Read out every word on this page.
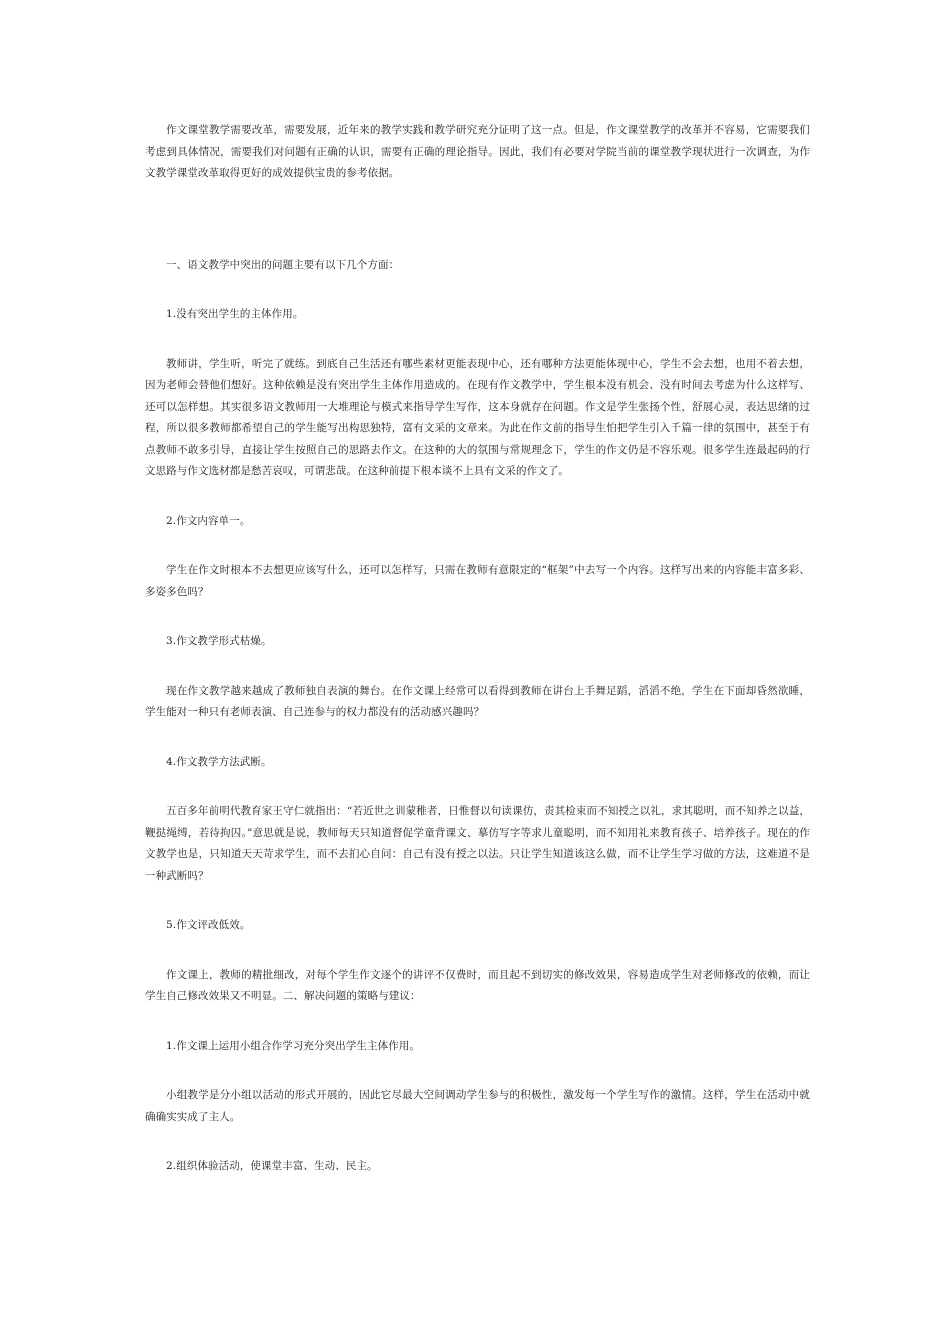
作文课堂教学需要改革，需要发展，近年来的教学实践和教学研究充分证明了这一点。但是，作文课堂教学的改革并不容易，它需要我们考虑到具体情况，需要我们对问题有正确的认识，需要有正确的理论指导。因此，我们有必要对学院当前的课堂教学现状进行一次调查，为作文教学课堂改革取得更好的成效提供宝贵的参考依据。

一、语文教学中突出的问题主要有以下几个方面：

1.没有突出学生的主体作用。

教师讲，学生听，听完了就练。到底自己生活还有哪些素材更能表现中心，还有哪种方法更能体现中心，学生不会去想，也用不着去想，因为老师会替他们想好。这种依赖是没有突出学生主体作用造成的。在现有作文教学中，学生根本没有机会、没有时间去考虑为什么这样写、还可以怎样想。其实很多语文教师用一大堆理论与模式来指导学生写作，这本身就存在问题。作文是学生张扬个性，舒展心灵，表达思绪的过程，所以很多教师都希望自己的学生能写出构思独特，富有文采的文章来。为此在作文前的指导生怕把学生引入千篇一律的氛围中，甚至于有点教师不敢多引导，直接让学生按照自己的思路去作文。在这种的大的氛围与常规理念下，学生的作文仍是不容乐观。很多学生连最起码的行文思路与作文选材都是愁苦哀叹，可谓悲哉。在这种前提下根本谈不上具有文采的作文了。

2.作文内容单一。

学生在作文时根本不去想更应该写什么，还可以怎样写，只需在教师有意限定的“框架”中去写一个内容。这样写出来的内容能丰富多彩、多姿多色吗？

3.作文教学形式枯燥。

现在作文教学越来越成了教师独自表演的舞台。在作文课上经常可以看得到教师在讲台上手舞足蹈，滔滔不绝，学生在下面却昏然欲睡，学生能对一种只有老师表演、自己连参与的权力都没有的活动感兴趣吗？

4.作文教学方法武断。

五百多年前明代教育家王守仁就指出：“若近世之训蒙稚者，日惟督以句读课仿，责其检束而不知授之以礼，求其聪明，而不知养之以益，鞭挞绳缚，若待拘囚。”意思就是说，教师每天只知道督促学童背课文、摹仿写字等求儿童聪明，而不知用礼来教育孩子、培养孩子。现在的作文教学也是，只知道天天苛求学生，而不去扪心自问：自己有没有授之以法。只让学生知道该这么做，而不让学生学习做的方法，这难道不是一种武断吗？

5.作文评改低效。

作文课上，教师的精批细改，对每个学生作文逐个的讲评不仅费时，而且起不到切实的修改效果，容易造成学生对老师修改的依赖，而让学生自己修改效果又不明显。二、解决问题的策略与建议：

1.作文课上运用小组合作学习充分突出学生主体作用。

小组教学是分小组以活动的形式开展的，因此它尽最大空间调动学生参与的积极性，激发每一个学生写作的激情。这样，学生在活动中就确确实实成了主人。

2.组织体验活动，使课堂丰富、生动、民主。
